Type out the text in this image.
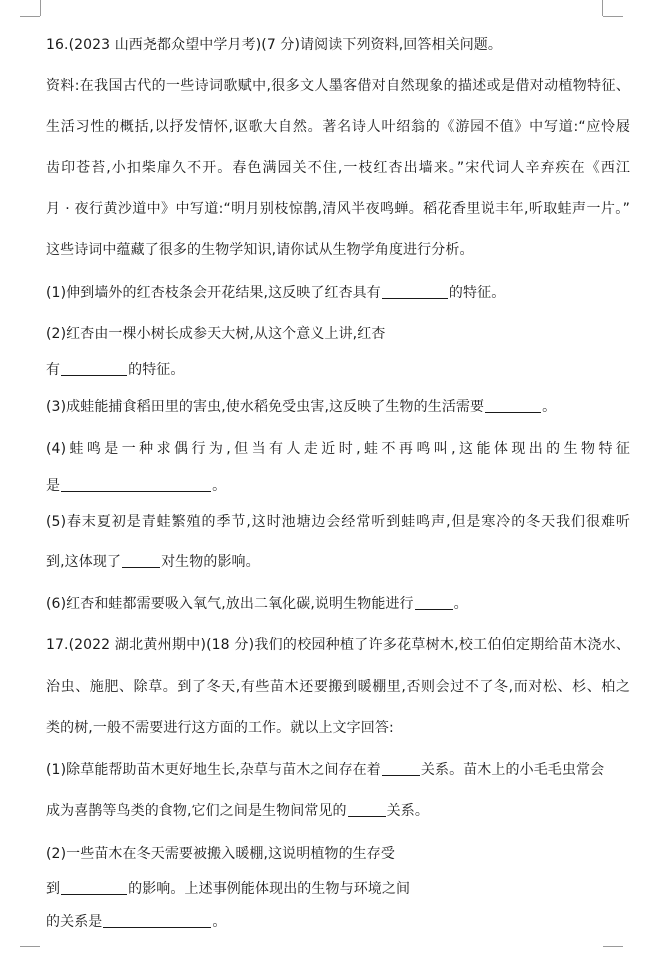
16.(2023 山西尧都众望中学月考)(7 分)请阅读下列资料,回答相关问题。
资料:在我国古代的一些诗词歌赋中,很多文人墨客借对自然现象的描述或是借对动植物特征、
生活习性的概括,以抒发情怀,讴歌大自然。著名诗人叶绍翁的《游园不值》中写道:“应怜屐
齿印苍苔,小扣柴扉久不开。春色满园关不住,一枝红杏出墙来。”宋代词人辛弃疾在《西江
月 · 夜行黄沙道中》中写道:“明月别枝惊鹊,清风半夜鸣蝉。稻花香里说丰年,听取蛙声一片。”
这些诗词中蕴藏了很多的生物学知识,请你试从生物学角度进行分析。
(1)伸到墙外的红杏枝条会开花结果,这反映了红杏具有	的特征。
(2)红杏由一棵小树长成参天大树,从这个意义上讲,红杏
有	的特征。
(3)成蛙能捕食稻田里的害虫,使水稻免受虫害,这反映了生物的生活需要	。
(4)蛙鸣是一种求偶行为,但当有人走近时,蛙不再鸣叫,这能体现出的生物特征
是	。
(5)春末夏初是青蛙繁殖的季节,这时池塘边会经常听到蛙鸣声,但是寒冷的冬天我们很难听
到,这体现了	对生物的影响。
(6)红杏和蛙都需要吸入氧气,放出二氧化碳,说明生物能进行	。
17.(2022 湖北黄州期中)(18 分)我们的校园种植了许多花草树木,校工伯伯定期给苗木浇水、
治虫、施肥、除草。到了冬天,有些苗木还要搬到暖棚里,否则会过不了冬,而对松、杉、柏之
类的树,一般不需要进行这方面的工作。就以上文字回答:
(1)除草能帮助苗木更好地生长,杂草与苗木之间存在着	关系。苗木上的小毛毛虫常会
成为喜鹊等鸟类的食物,它们之间是生物间常见的	关系。
(2)一些苗木在冬天需要被搬入暖棚,这说明植物的生存受
到	的影响。上述事例能体现出的生物与环境之间
的关系是	。
